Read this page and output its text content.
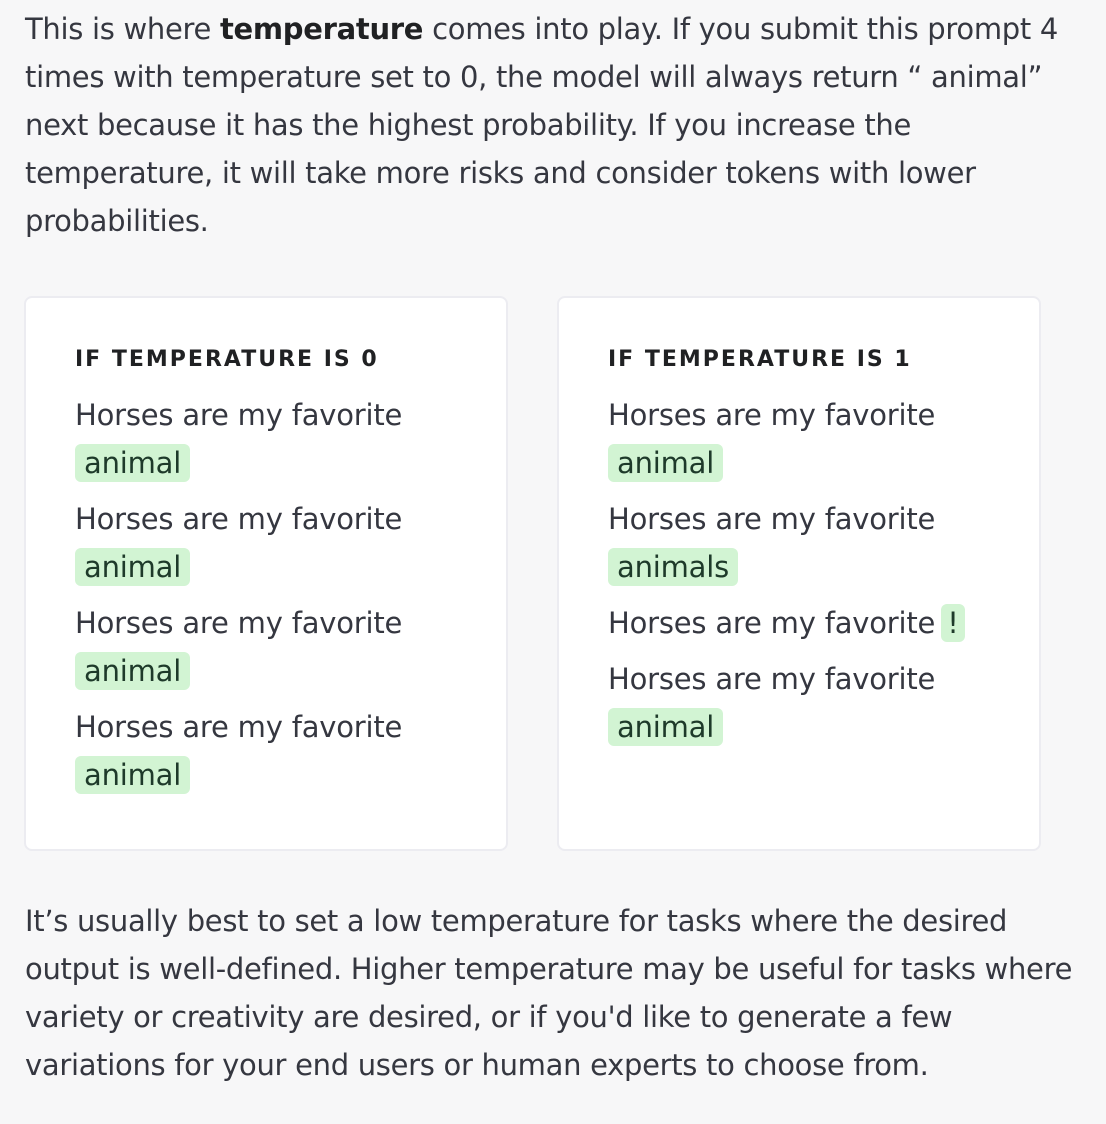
This is where temperature comes into play. If you submit this prompt 4 times with temperature set to 0, the model will always return “ animal” next because it has the highest probability. If you increase the temperature, it will take more risks and consider tokens with lower probabilities.

IF TEMPERATURE IS 0
Horses are my favorite
animal
Horses are my favorite
animal
Horses are my favorite
animal
Horses are my favorite
animal
IF TEMPERATURE IS 1
Horses are my favorite
animal
Horses are my favorite
animals
Horses are my favorite !
Horses are my favorite
animal

It’s usually best to set a low temperature for tasks where the desired output is well-defined. Higher temperature may be useful for tasks where variety or creativity are desired, or if you'd like to generate a few variations for your end users or human experts to choose from.
